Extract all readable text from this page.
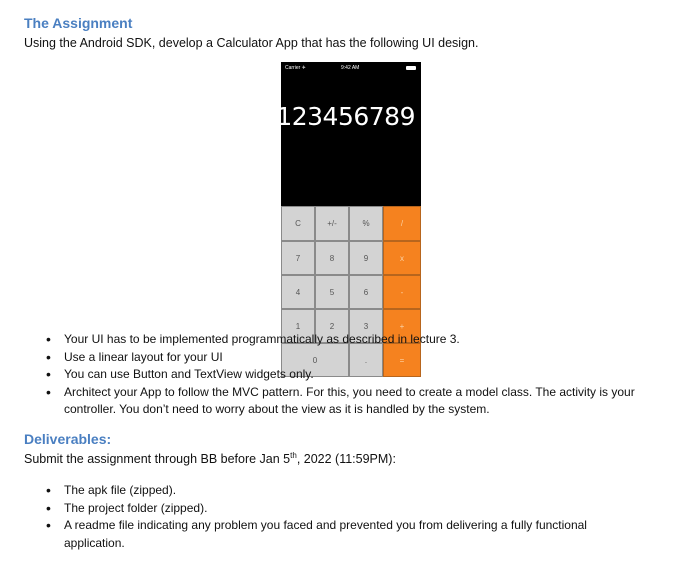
The Assignment
Using the Android SDK, develop a Calculator App that has the following UI design.
Carrier ✈	9:42 AM
123456789
C	+/-	%	/
7	8	9	x
4	5	6	-
1	2	3	+
0	.	=
• Your UI has to be implemented programmatically as described in lecture 3.
• Use a linear layout for your UI
• You can use Button and TextView widgets only.
• Architect your App to follow the MVC pattern. For this, you need to create a model class. The activity is your controller. You don’t need to worry about the view as it is handled by the system.
Deliverables:
Submit the assignment through BB before Jan 5th, 2022 (11:59PM):
• The apk file (zipped).
• The project folder (zipped).
• A readme file indicating any problem you faced and prevented you from delivering a fully functional application.
